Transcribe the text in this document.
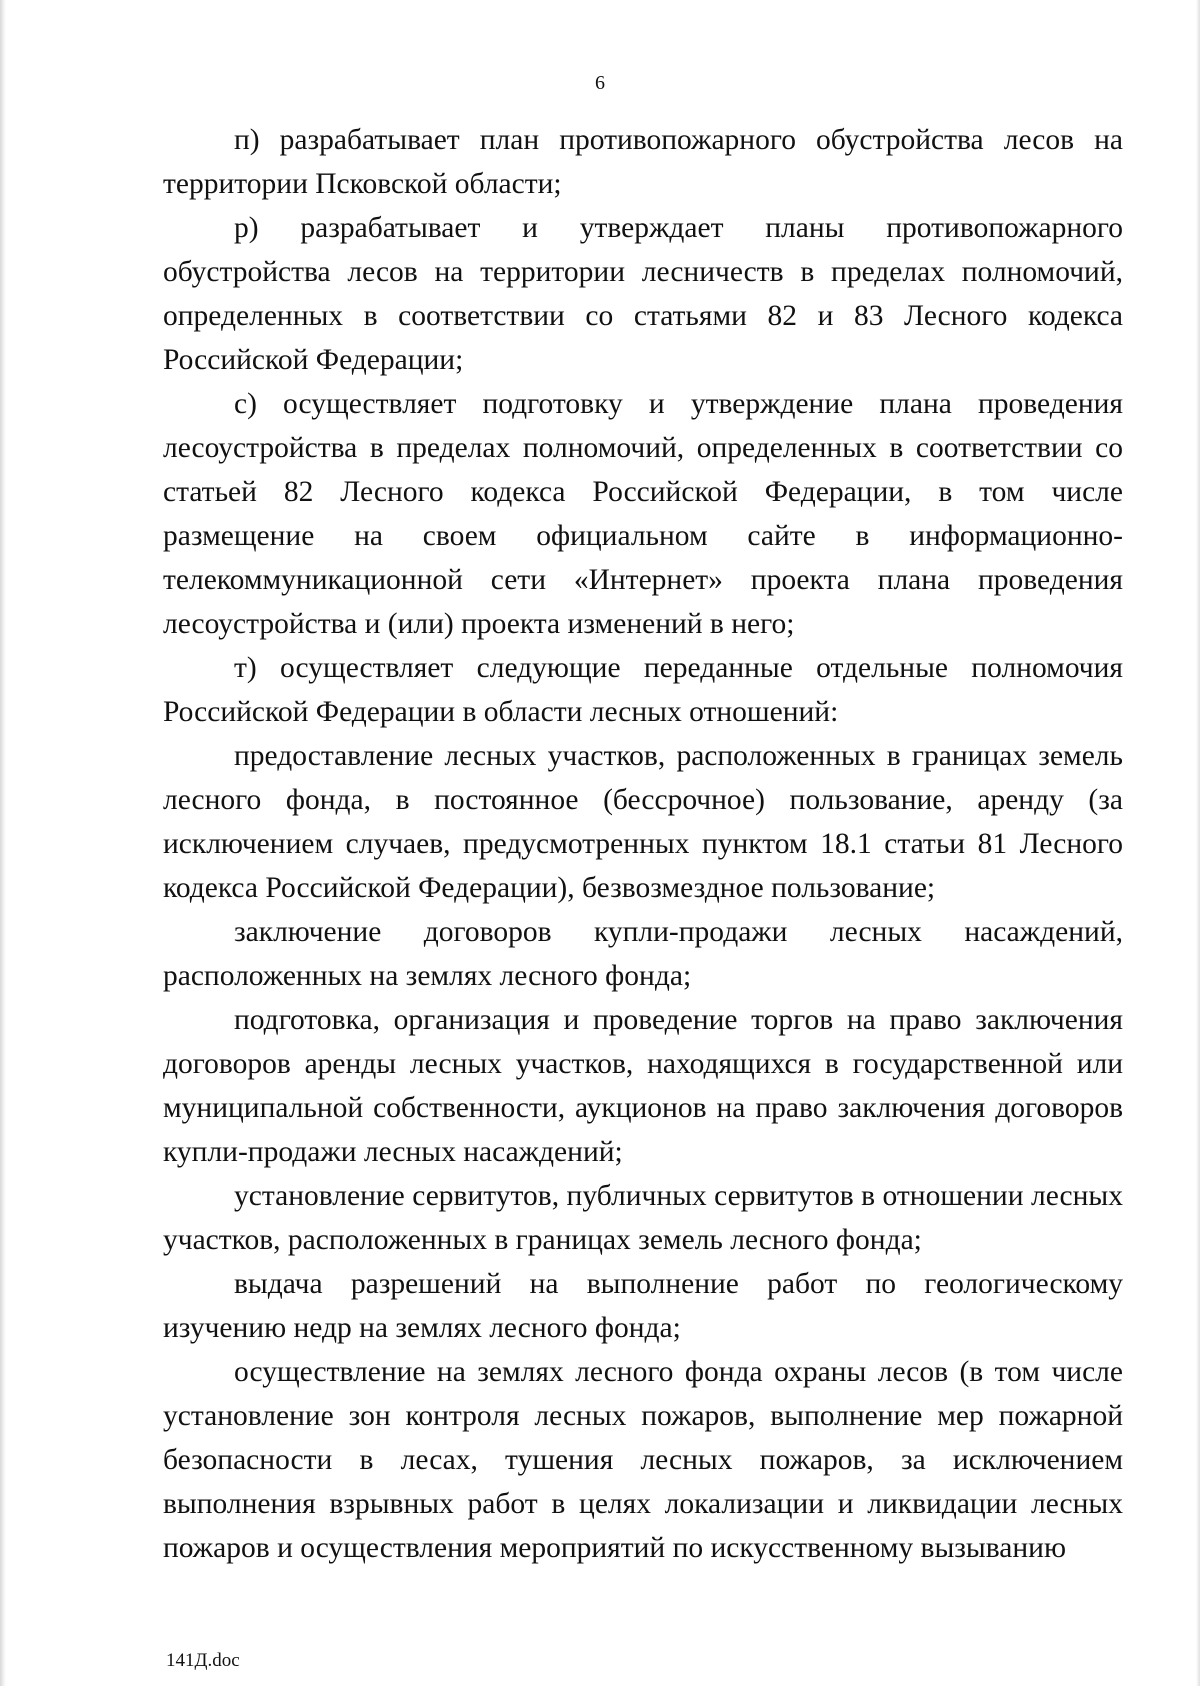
6

п) разрабатывает план противопожарного обустройства лесов на территории Псковской области;

р) разрабатывает и утверждает планы противопожарного обустройства лесов на территории лесничеств в пределах полномочий, определенных в соответствии со статьями 82 и 83 Лесного кодекса Российской Федерации;

с) осуществляет подготовку и утверждение плана проведения лесоустройства в пределах полномочий, определенных в соответствии со статьей 82 Лесного кодекса Российской Федерации, в том числе размещение на своем официальном сайте в информационно-телекоммуникационной сети «Интернет» проекта плана проведения лесоустройства и (или) проекта изменений в него;

т) осуществляет следующие переданные отдельные полномочия Российской Федерации в области лесных отношений:

предоставление лесных участков, расположенных в границах земель лесного фонда, в постоянное (бессрочное) пользование, аренду (за исключением случаев, предусмотренных пунктом 18.1 статьи 81 Лесного кодекса Российской Федерации), безвозмездное пользование;

заключение договоров купли-продажи лесных насаждений, расположенных на землях лесного фонда;

подготовка, организация и проведение торгов на право заключения договоров аренды лесных участков, находящихся в государственной или муниципальной собственности, аукционов на право заключения договоров купли-продажи лесных насаждений;

установление сервитутов, публичных сервитутов в отношении лесных участков, расположенных в границах земель лесного фонда;

выдача разрешений на выполнение работ по геологическому изучению недр на землях лесного фонда;

осуществление на землях лесного фонда охраны лесов (в том числе установление зон контроля лесных пожаров, выполнение мер пожарной безопасности в лесах, тушения лесных пожаров, за исключением выполнения взрывных работ в целях локализации и ликвидации лесных пожаров и осуществления мероприятий по искусственному вызыванию

141Д.doc
